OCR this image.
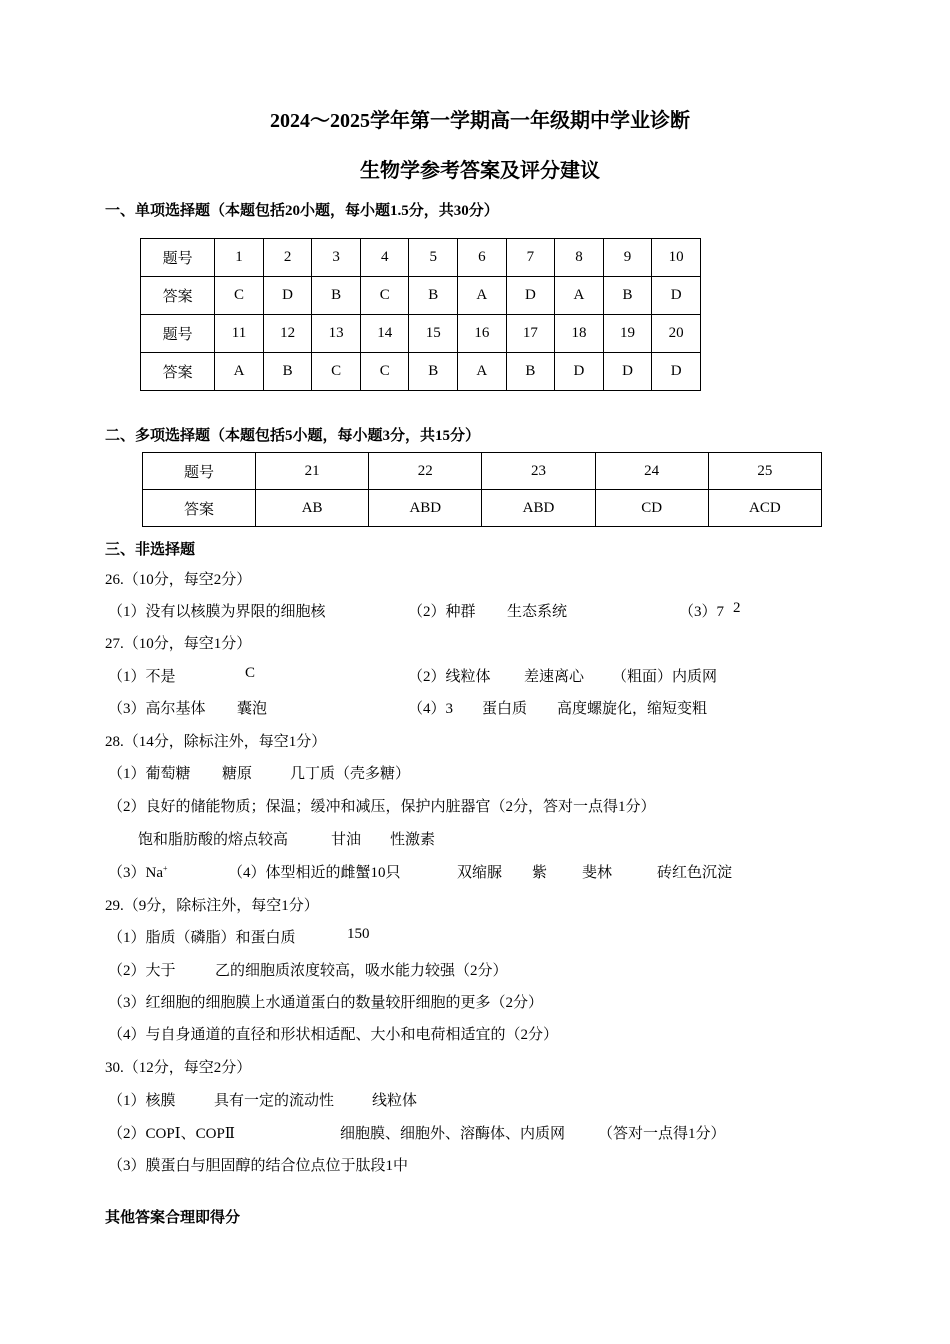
2024～2025学年第一学期高一年级期中学业诊断
生物学参考答案及评分建议
一、单项选择题（本题包括20小题，每小题1.5分，共30分）
题号	1	2	3	4	5	6	7	8	9	10
答案	C	D	B	C	B	A	D	A	B	D
题号	11	12	13	14	15	16	17	18	19	20
答案	A	B	C	C	B	A	B	D	D	D
二、多项选择题（本题包括5小题，每小题3分，共15分）
题号	21	22	23	24	25
答案	AB	ABD	ABD	CD	ACD
三、非选择题
26.（10分，每空2分）
（1）没有以核膜为界限的细胞核	（2）种群 生态系统	（3）7 2
27.（10分，每空1分）
（1）不是	C	（2）线粒体 差速离心 （粗面）内质网
（3）高尔基体 囊泡	（4）3 蛋白质 高度螺旋化，缩短变粗
28.（14分，除标注外，每空1分）
（1）葡萄糖 糖原	几丁质（壳多糖）
（2）良好的储能物质；保温；缓冲和减压，保护内脏器官（2分，答对一点得1分）
饱和脂肪酸的熔点较高	甘油 性激素
（3）Na+	（4）体型相近的雌蟹10只	双缩脲 紫 斐林	砖红色沉淀
29.（9分，除标注外，每空1分）
（1）脂质（磷脂）和蛋白质	150
（2）大于	乙的细胞质浓度较高，吸水能力较强（2分）
（3）红细胞的细胞膜上水通道蛋白的数量较肝细胞的更多（2分）
（4）与自身通道的直径和形状相适配、大小和电荷相适宜的（2分）
30.（12分，每空2分）
（1）核膜	具有一定的流动性	线粒体
（2）COPⅠ、COPⅡ	细胞膜、细胞外、溶酶体、内质网 （答对一点得1分）
（3）膜蛋白与胆固醇的结合位点位于肽段1中
其他答案合理即得分
